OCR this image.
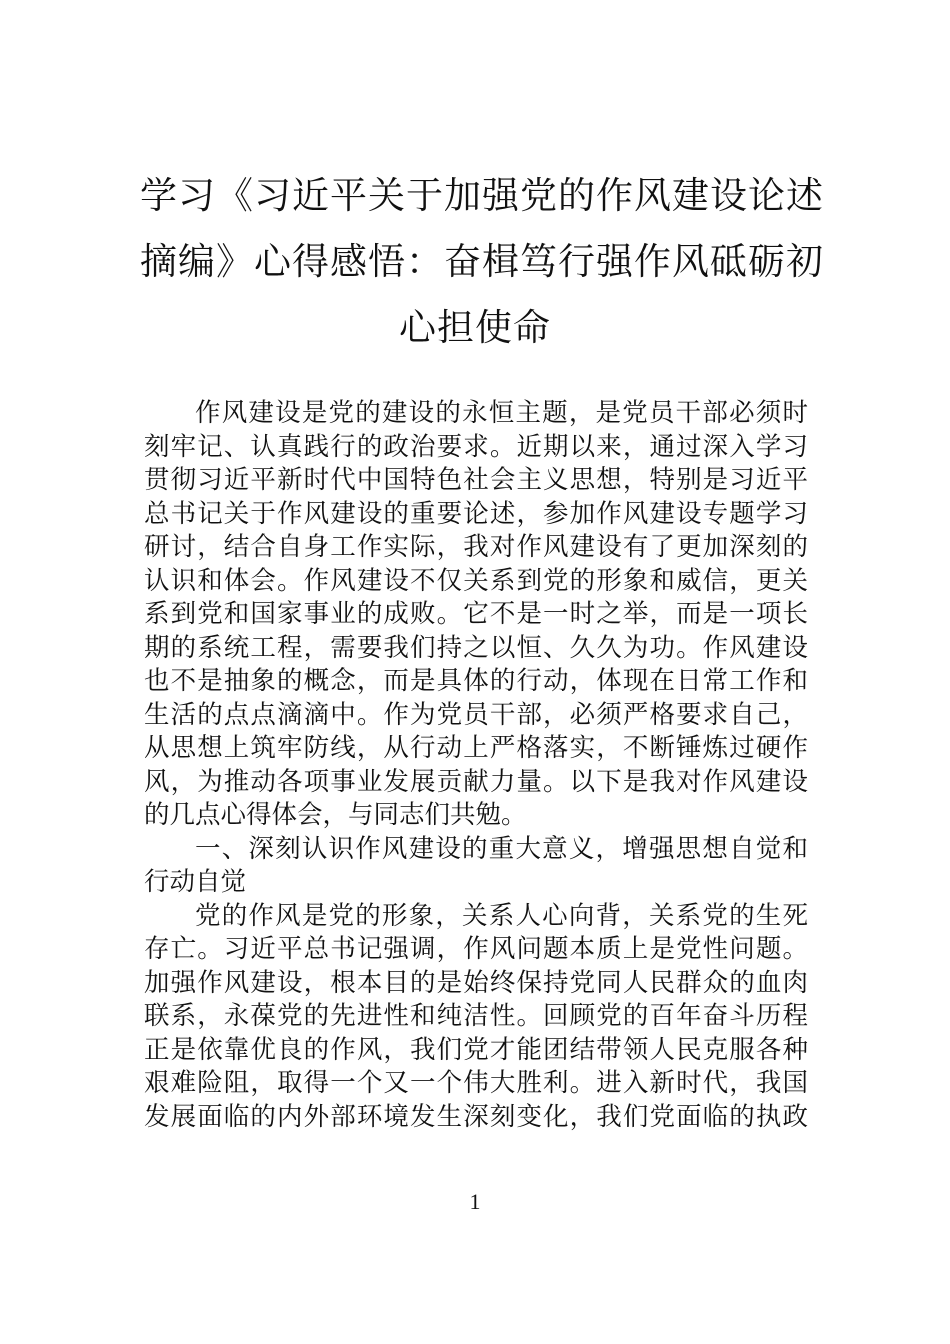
学习《习近平关于加强党的作风建设论述
摘编》心得感悟：奋楫笃行强作风砥砺初
心担使命

作风建设是党的建设的永恒主题，是党员干部必须时
刻牢记、认真践行的政治要求。近期以来，通过深入学习
贯彻习近平新时代中国特色社会主义思想，特别是习近平
总书记关于作风建设的重要论述，参加作风建设专题学习
研讨，结合自身工作实际，我对作风建设有了更加深刻的
认识和体会。作风建设不仅关系到党的形象和威信，更关
系到党和国家事业的成败。它不是一时之举，而是一项长
期的系统工程，需要我们持之以恒、久久为功。作风建设
也不是抽象的概念，而是具体的行动，体现在日常工作和
生活的点点滴滴中。作为党员干部，必须严格要求自己，
从思想上筑牢防线，从行动上严格落实，不断锤炼过硬作
风，为推动各项事业发展贡献力量。以下是我对作风建设
的几点心得体会，与同志们共勉。

一、深刻认识作风建设的重大意义，增强思想自觉和
行动自觉

党的作风是党的形象，关系人心向背，关系党的生死
存亡。习近平总书记强调，作风问题本质上是党性问题。
加强作风建设，根本目的是始终保持党同人民群众的血肉
联系，永葆党的先进性和纯洁性。回顾党的百年奋斗历程
正是依靠优良的作风，我们党才能团结带领人民克服各种
艰难险阻，取得一个又一个伟大胜利。进入新时代，我国
发展面临的内外部环境发生深刻变化，我们党面临的执政

1
